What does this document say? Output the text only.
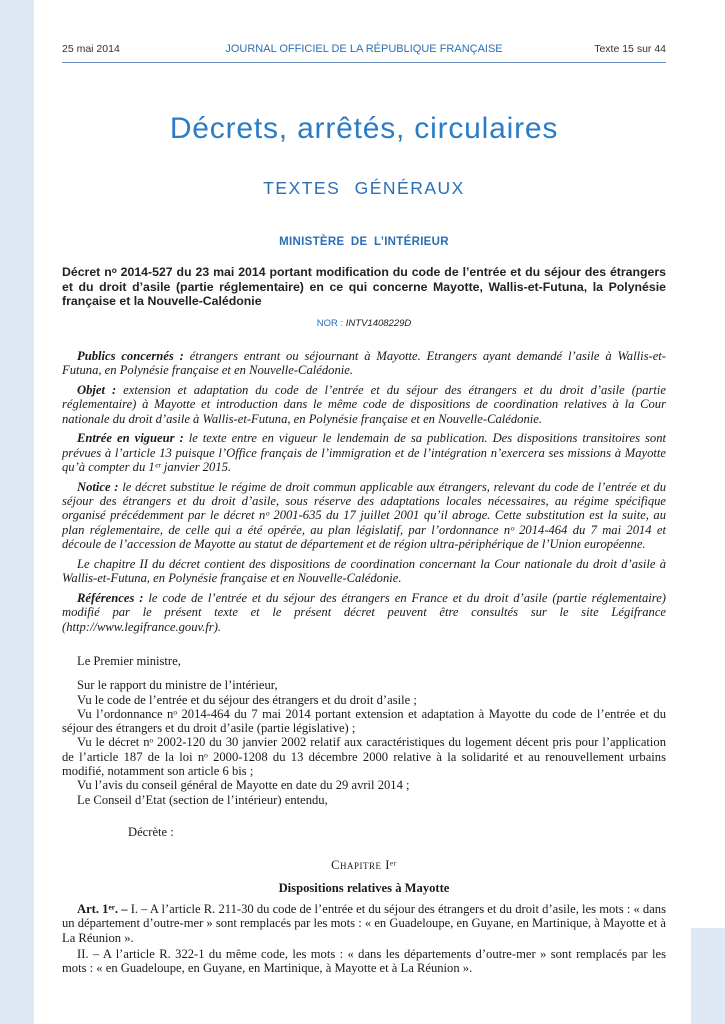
25 mai 2014	JOURNAL OFFICIEL DE LA RÉPUBLIQUE FRANÇAISE	Texte 15 sur 44
Décrets, arrêtés, circulaires
TEXTES GÉNÉRAUX
MINISTÈRE DE L’INTÉRIEUR
Décret nᵒ 2014-527 du 23 mai 2014 portant modification du code de l’entrée et du séjour des étrangers et du droit d’asile (partie réglementaire) en ce qui concerne Mayotte, Wallis-et-Futuna, la Polynésie française et la Nouvelle-Calédonie
NOR : INTV1408229D

Publics concernés : étrangers entrant ou séjournant à Mayotte. Etrangers ayant demandé l’asile à Wallis-et-Futuna, en Polynésie française et en Nouvelle-Calédonie.

Objet : extension et adaptation du code de l’entrée et du séjour des étrangers et du droit d’asile (partie réglementaire) à Mayotte et introduction dans le même code de dispositions de coordination relatives à la Cour nationale du droit d’asile à Wallis-et-Futuna, en Polynésie française et en Nouvelle-Calédonie.

Entrée en vigueur : le texte entre en vigueur le lendemain de sa publication. Des dispositions transitoires sont prévues à l’article 13 puisque l’Office français de l’immigration et de l’intégration n’exercera ses missions à Mayotte qu’à compter du 1ᵉʳ janvier 2015.

Notice : le décret substitue le régime de droit commun applicable aux étrangers, relevant du code de l’entrée et du séjour des étrangers et du droit d’asile, sous réserve des adaptations locales nécessaires, au régime spécifique organisé précédemment par le décret nᵒ 2001-635 du 17 juillet 2001 qu’il abroge. Cette substitution est la suite, au plan réglementaire, de celle qui a été opérée, au plan législatif, par l’ordonnance nᵒ 2014-464 du 7 mai 2014 et découle de l’accession de Mayotte au statut de département et de région ultra-périphérique de l’Union européenne.

Le chapitre II du décret contient des dispositions de coordination concernant la Cour nationale du droit d’asile à Wallis-et-Futuna, en Polynésie française et en Nouvelle-Calédonie.

Références : le code de l’entrée et du séjour des étrangers en France et du droit d’asile (partie réglementaire) modifié par le présent texte et le présent décret peuvent être consultés sur le site Légifrance (http://www.legifrance.gouv.fr).

Le Premier ministre,

Sur le rapport du ministre de l’intérieur,

Vu le code de l’entrée et du séjour des étrangers et du droit d’asile ;

Vu l’ordonnance nᵒ 2014-464 du 7 mai 2014 portant extension et adaptation à Mayotte du code de l’entrée et du séjour des étrangers et du droit d’asile (partie législative) ;

Vu le décret nᵒ 2002-120 du 30 janvier 2002 relatif aux caractéristiques du logement décent pris pour l’application de l’article 187 de la loi nᵒ 2000-1208 du 13 décembre 2000 relative à la solidarité et au renouvellement urbains modifié, notamment son article 6 bis ;

Vu l’avis du conseil général de Mayotte en date du 29 avril 2014 ;

Le Conseil d’Etat (section de l’intérieur) entendu,

Décrète :
Chapitre Iᵉʳ
Dispositions relatives à Mayotte

Art. 1ᵉʳ. – I. – A l’article R. 211-30 du code de l’entrée et du séjour des étrangers et du droit d’asile, les mots : « dans un département d’outre-mer » sont remplacés par les mots : « en Guadeloupe, en Guyane, en Martinique, à Mayotte et à La Réunion ».

II. – A l’article R. 322-1 du même code, les mots : « dans les départements d’outre-mer » sont remplacés par les mots : « en Guadeloupe, en Guyane, en Martinique, à Mayotte et à La Réunion ».
